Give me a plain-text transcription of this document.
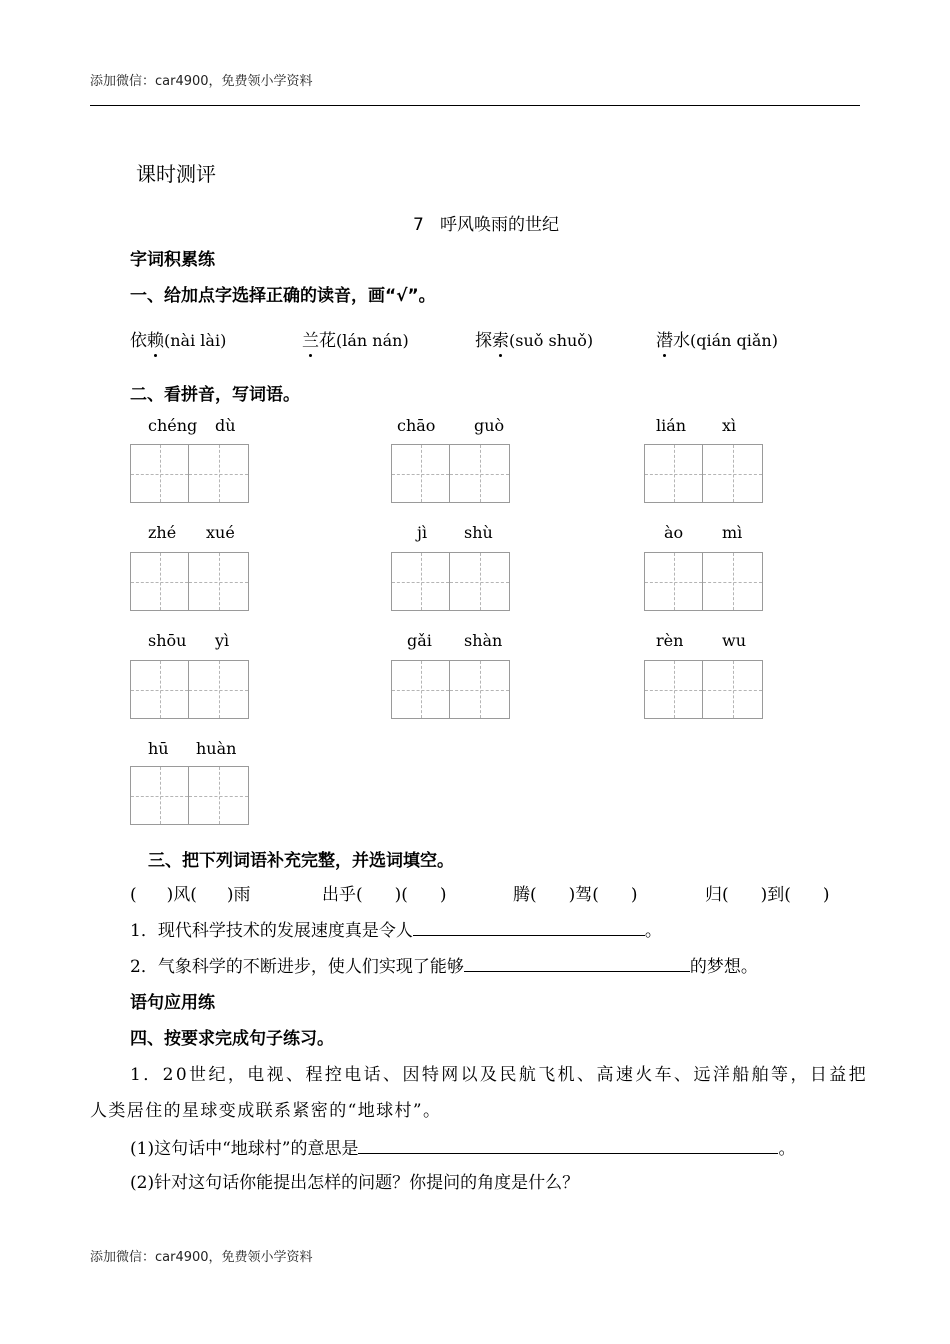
添加微信：car4900，免费领小学资料
课时测评
7 呼风唤雨的世纪
字词积累练
一、给加点字选择正确的读音，画“√”。
依赖(nài lài)	兰花(lán nán)	探索(suǒ shuǒ)	潜水(qián qiǎn)
二、看拼音，写词语。
chéng dù	chāo guò	lián xì
zhé xué	jì shù	ào mì
shōu yì	gǎi shàn	rèn wu
hū huàn
三、把下列词语补充完整，并选词填空。
( )风( )雨	出乎( )( )	腾( )驾( )	归( )到( )
1．现代科学技术的发展速度真是令人	。
2．气象科学的不断进步，使人们实现了能够	的梦想。
语句应用练
四、按要求完成句子练习。
1．20世纪，电视、程控电话、因特网以及民航飞机、高速火车、远洋船舶等，日益把
人类居住的星球变成联系紧密的“地球村”。
(1)这句话中“地球村”的意思是	。
(2)针对这句话你能提出怎样的问题？你提问的角度是什么？
添加微信：car4900，免费领小学资料
